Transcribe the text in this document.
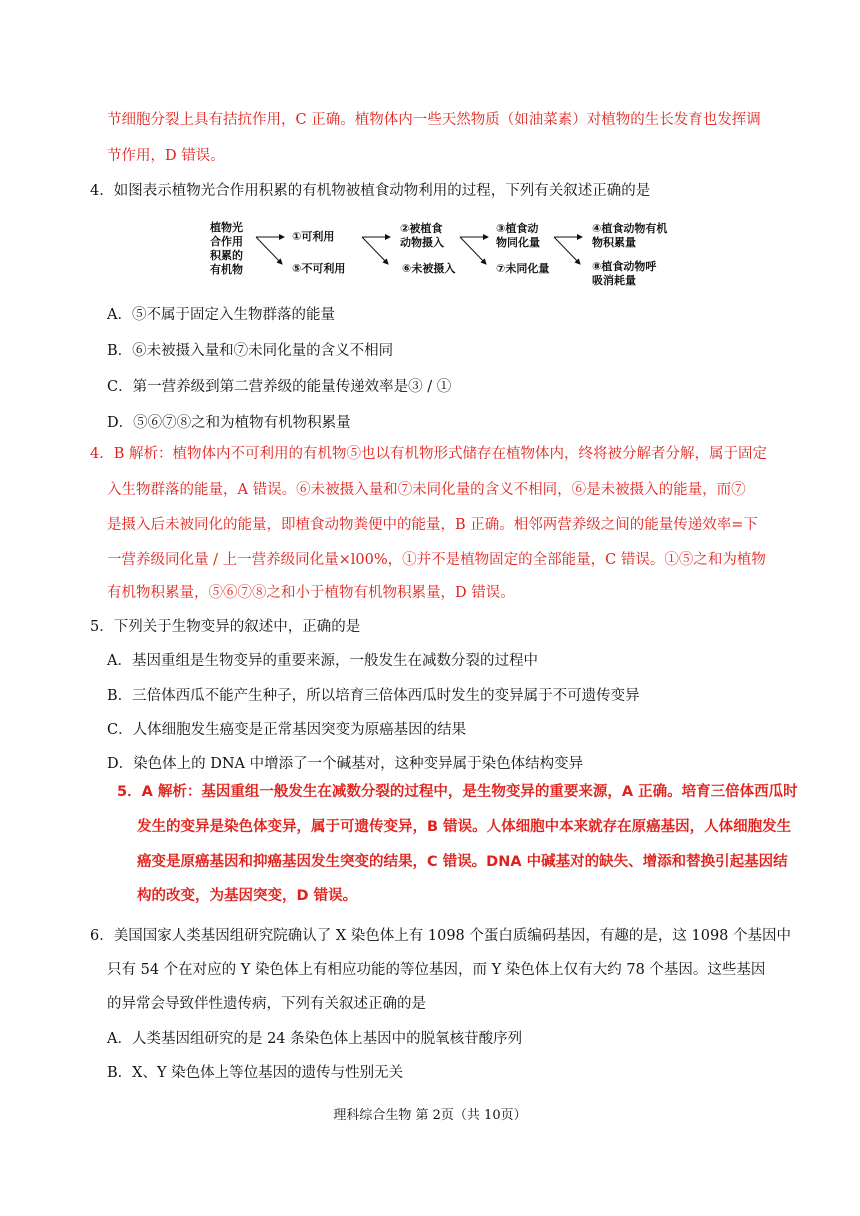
节细胞分裂上具有拮抗作用，C 正确。植物体内一些天然物质（如油菜素）对植物的生长发育也发挥调
节作用，D 错误。
4．如图表示植物光合作用积累的有机物被植食动物利用的过程，下列有关叙述正确的是
植物光
合作用
积累的
有机物
①可利用
⑤不可利用
②被植食
动物摄入
⑥未被摄入
③植食动
物同化量
⑦未同化量
④植食动物有机
物积累量
⑧植食动物呼
吸消耗量
A．⑤不属于固定入生物群落的能量
B．⑥未被摄入量和⑦未同化量的含义不相同
C．第一营养级到第二营养级的能量传递效率是③ / ①
D．⑤⑥⑦⑧之和为植物有机物积累量
4．B 解析：植物体内不可利用的有机物⑤也以有机物形式储存在植物体内，终将被分解者分解，属于固定
入生物群落的能量，A 错误。⑥未被摄入量和⑦未同化量的含义不相同，⑥是未被摄入的能量，而⑦
是摄入后未被同化的能量，即植食动物粪便中的能量，B 正确。相邻两营养级之间的能量传递效率=下
一营养级同化量 / 上一营养级同化量×l00%，①并不是植物固定的全部能量，C 错误。①⑤之和为植物
有机物积累量，⑤⑥⑦⑧之和小于植物有机物积累量，D 错误。
5．下列关于生物变异的叙述中，正确的是
A．基因重组是生物变异的重要来源，一般发生在减数分裂的过程中
B．三倍体西瓜不能产生种子，所以培育三倍体西瓜时发生的变异属于不可遗传变异
C．人体细胞发生癌变是正常基因突变为原癌基因的结果
D．染色体上的 DNA 中增添了一个碱基对，这种变异属于染色体结构变异
5．A 解析：基因重组一般发生在减数分裂的过程中，是生物变异的重要来源，A 正确。培育三倍体西瓜时
发生的变异是染色体变异，属于可遗传变异，B 错误。人体细胞中本来就存在原癌基因，人体细胞发生
癌变是原癌基因和抑癌基因发生突变的结果，C 错误。DNA 中碱基对的缺失、增添和替换引起基因结
构的改变，为基因突变，D 错误。
6．美国国家人类基因组研究院确认了 X 染色体上有 1098 个蛋白质编码基因，有趣的是，这 1098 个基因中
只有 54 个在对应的 Y 染色体上有相应功能的等位基因，而 Y 染色体上仅有大约 78 个基因。这些基因
的异常会导致伴性遗传病，下列有关叙述正确的是
A．人类基因组研究的是 24 条染色体上基因中的脱氧核苷酸序列
B．X、Y 染色体上等位基因的遗传与性别无关
理科综合生物 第 2页（共 10页）
